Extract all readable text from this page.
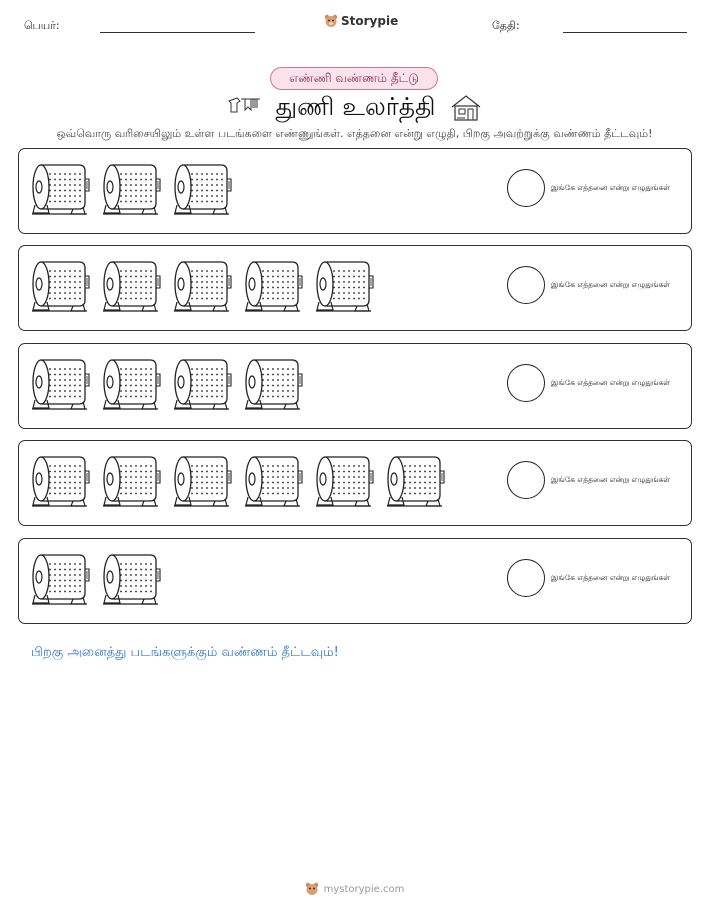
பெயர்:	Storypie	தேதி:
எண்ணி வண்ணம் தீட்டு
துணி உலர்த்தி
ஒவ்வொரு வரிசையிலும் உள்ள படங்களை எண்ணுங்கள். எத்தனை என்று எழுதி, பிறகு அவற்றுக்கு வண்ணம் தீட்டவும்!
இங்கே எத்தனை என்று எழுதுங்கள்
இங்கே எத்தனை என்று எழுதுங்கள்
இங்கே எத்தனை என்று எழுதுங்கள்
இங்கே எத்தனை என்று எழுதுங்கள்
இங்கே எத்தனை என்று எழுதுங்கள்
பிறகு அனைத்து படங்களுக்கும் வண்ணம் தீட்டவும்!
mystorypie.com
